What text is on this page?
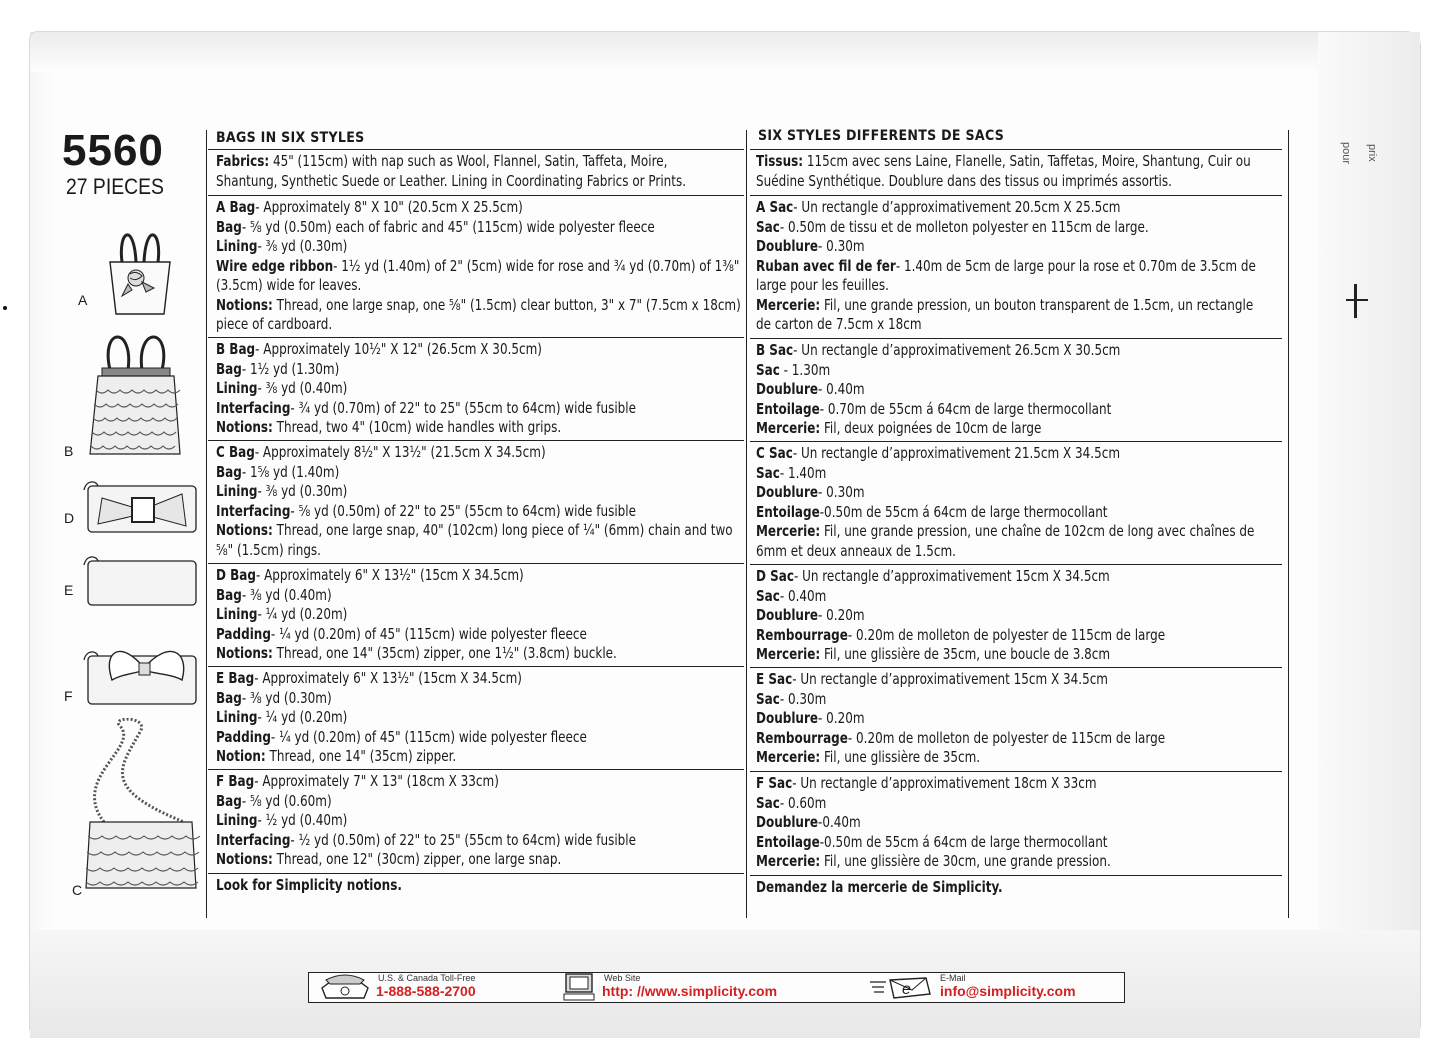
pour prix
5560
27 PIECES
A
B
D
E
F
C
BAGS IN SIX STYLES	SIX STYLES DIFFERENTS DE SACS
Fabrics: 45" (115cm) with nap such as Wool, Flannel, Satin, Taffeta, Moire,
Shantung, Synthetic Suede or Leather. Lining in Coordinating Fabrics or Prints.
A Bag- Approximately 8" X 10" (20.5cm X 25.5cm)
Bag- ⅝ yd (0.50m) each of fabric and 45" (115cm) wide polyester fleece
Lining- ⅜ yd (0.30m)
Wire edge ribbon- 1½ yd (1.40m) of 2" (5cm) wide for rose and ¾ yd (0.70m) of 1⅜"
(3.5cm) wide for leaves.
Notions: Thread, one large snap, one ⅝" (1.5cm) clear button, 3" x 7" (7.5cm x 18cm)
piece of cardboard.
B Bag- Approximately 10½" X 12" (26.5cm X 30.5cm)
Bag- 1½ yd (1.30m)
Lining- ⅜ yd (0.40m)
Interfacing- ¾ yd (0.70m) of 22" to 25" (55cm to 64cm) wide fusible
Notions: Thread, two 4" (10cm) wide handles with grips.
C Bag- Approximately 8½" X 13½" (21.5cm X 34.5cm)
Bag- 1⅝ yd (1.40m)
Lining- ⅜ yd (0.30m)
Interfacing- ⅝ yd (0.50m) of 22" to 25" (55cm to 64cm) wide fusible
Notions: Thread, one large snap, 40" (102cm) long piece of ¼" (6mm) chain and two
⅝" (1.5cm) rings.
D Bag- Approximately 6" X 13½" (15cm X 34.5cm)
Bag- ⅜ yd (0.40m)
Lining- ¼ yd (0.20m)
Padding- ¼ yd (0.20m) of 45" (115cm) wide polyester fleece
Notions: Thread, one 14" (35cm) zipper, one 1½" (3.8cm) buckle.
E Bag- Approximately 6" X 13½" (15cm X 34.5cm)
Bag- ⅜ yd (0.30m)
Lining- ¼ yd (0.20m)
Padding- ¼ yd (0.20m) of 45" (115cm) wide polyester fleece
Notion: Thread, one 14" (35cm) zipper.
F Bag- Approximately 7" X 13" (18cm X 33cm)
Bag- ⅝ yd (0.60m)
Lining- ½ yd (0.40m)
Interfacing- ½ yd (0.50m) of 22" to 25" (55cm to 64cm) wide fusible
Notions: Thread, one 12" (30cm) zipper, one large snap.
Look for Simplicity notions.
Tissus: 115cm avec sens Laine, Flanelle, Satin, Taffetas, Moire, Shantung, Cuir ou
Suédine Synthétique. Doublure dans des tissus ou imprimés assortis.
A Sac- Un rectangle d’approximativement 20.5cm X 25.5cm
Sac- 0.50m de tissu et de molleton polyester en 115cm de large.
Doublure- 0.30m
Ruban avec fil de fer- 1.40m de 5cm de large pour la rose et 0.70m de 3.5cm de
large pour les feuilles.
Mercerie: Fil, une grande pression, un bouton transparent de 1.5cm, un rectangle
de carton de 7.5cm x 18cm
B Sac- Un rectangle d’approximativement 26.5cm X 30.5cm
Sac - 1.30m
Doublure- 0.40m
Entoilage- 0.70m de 55cm á 64cm de large thermocollant
Mercerie: Fil, deux poignées de 10cm de large
C Sac- Un rectangle d’approximativement 21.5cm X 34.5cm
Sac- 1.40m
Doublure- 0.30m
Entoilage-0.50m de 55cm á 64cm de large thermocollant
Mercerie: Fil, une grande pression, une chaîne de 102cm de long avec chaînes de
6mm et deux anneaux de 1.5cm.
D Sac- Un rectangle d’approximativement 15cm X 34.5cm
Sac- 0.40m
Doublure- 0.20m
Rembourrage- 0.20m de molleton de polyester de 115cm de large
Mercerie: Fil, une glissière de 35cm, une boucle de 3.8cm
E Sac- Un rectangle d’approximativement 15cm X 34.5cm
Sac- 0.30m
Doublure- 0.20m
Rembourrage- 0.20m de molleton de polyester de 115cm de large
Mercerie: Fil, une glissière de 35cm.
F Sac- Un rectangle d’approximativement 18cm X 33cm
Sac- 0.60m
Doublure-0.40m
Entoilage-0.50m de 55cm á 64cm de large thermocollant
Mercerie: Fil, une glissière de 30cm, une grande pression.
Demandez la mercerie de Simplicity.
U.S. & Canada Toll-Free
1-888-588-2700
Web Site
http: //www.simplicity.com	e
E-Mail
info@simplicity.com
